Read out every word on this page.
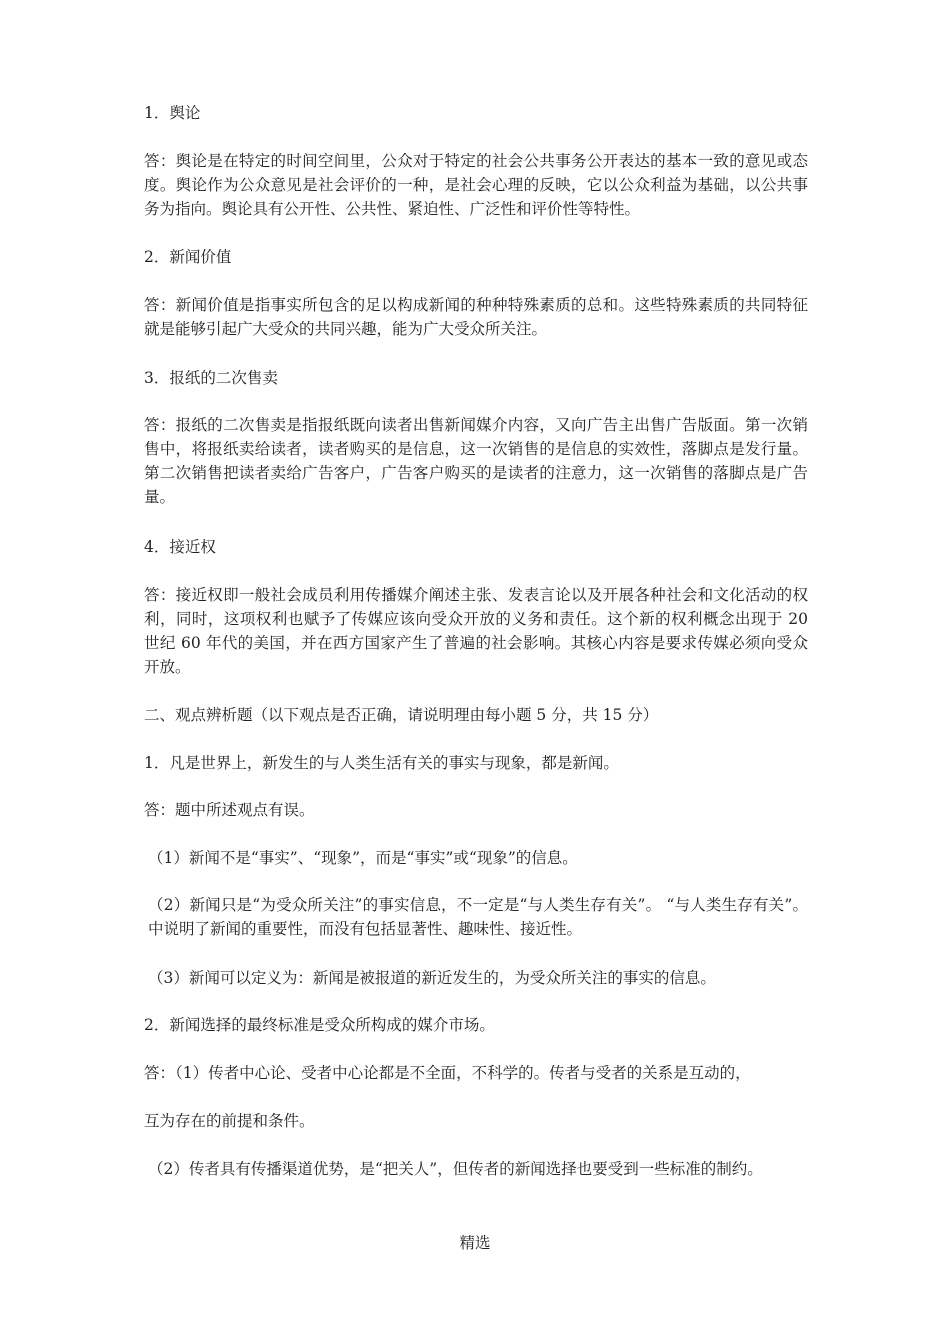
1．舆论
答：舆论是在特定的时间空间里，公众对于特定的社会公共事务公开表达的基本一致的意见或态度。舆论作为公众意见是社会评价的一种，是社会心理的反映，它以公众利益为基础，以公共事务为指向。舆论具有公开性、公共性、紧迫性、广泛性和评价性等特性。
2．新闻价值
答：新闻价值是指事实所包含的足以构成新闻的种种特殊素质的总和。这些特殊素质的共同特征就是能够引起广大受众的共同兴趣，能为广大受众所关注。
3．报纸的二次售卖
答：报纸的二次售卖是指报纸既向读者出售新闻媒介内容，又向广告主出售广告版面。第一次销售中，将报纸卖给读者，读者购买的是信息，这一次销售的是信息的实效性，落脚点是发行量。第二次销售把读者卖给广告客户，广告客户购买的是读者的注意力，这一次销售的落脚点是广告量。
4．接近权
答：接近权即一般社会成员利用传播媒介阐述主张、发表言论以及开展各种社会和文化活动的权利，同时，这项权利也赋予了传媒应该向受众开放的义务和责任。这个新的权利概念出现于 20 世纪 60 年代的美国，并在西方国家产生了普遍的社会影响。其核心内容是要求传媒必须向受众开放。
二、观点辨析题（以下观点是否正确，请说明理由每小题 5 分，共 15 分）
1．凡是世界上，新发生的与人类生活有关的事实与现象，都是新闻。
答：题中所述观点有误。
（1）新闻不是“事实”、“现象”，而是“事实”或“现象”的信息。
（2）新闻只是“为受众所关注”的事实信息，不一定是“与人类生存有关”。 “与人类生存有关”。中说明了新闻的重要性，而没有包括显著性、趣味性、接近性。
（3）新闻可以定义为：新闻是被报道的新近发生的，为受众所关注的事实的信息。
2．新闻选择的最终标准是受众所构成的媒介市场。
答：（1）传者中心论、受者中心论都是不全面，不科学的。传者与受者的关系是互动的，
互为存在的前提和条件。
（2）传者具有传播渠道优势，是“把关人”，但传者的新闻选择也要受到一些标准的制约。
精选
